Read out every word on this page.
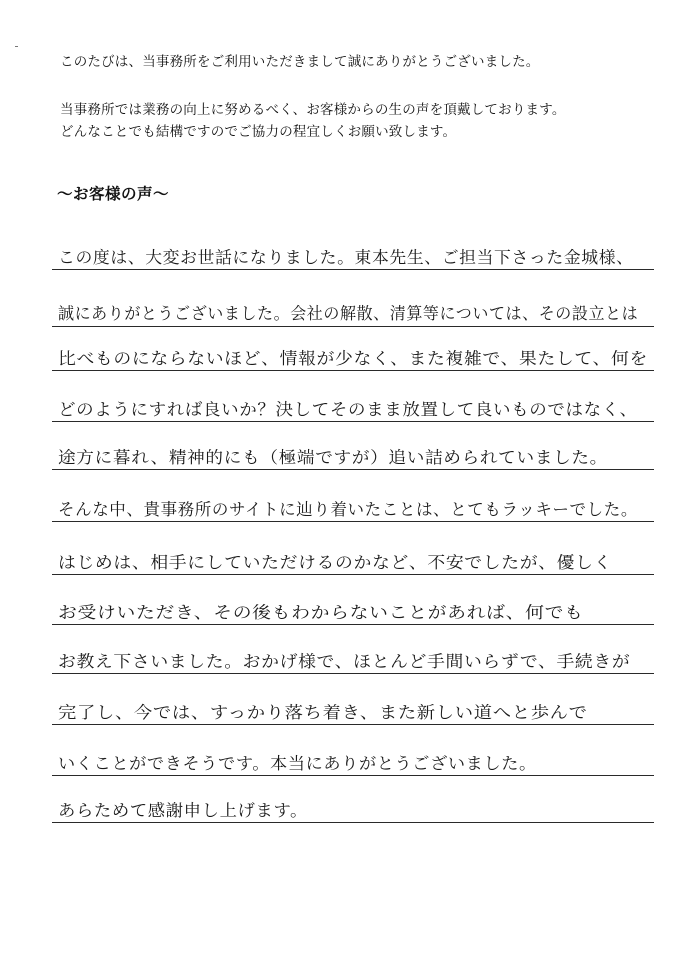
このたびは、当事務所をご利用いただきまして誠にありがとうございました。
当事務所では業務の向上に努めるべく、お客様からの生の声を頂戴しております。
どんなことでも結構ですのでご協力の程宜しくお願い致します。
～お客様の声～
この度は、大変お世話になりました。東本先生、ご担当下さった金城様、
誠にありがとうございました。会社の解散、清算等については、その設立とは
比べものにならないほど、情報が少なく、また複雑で、果たして、何を
どのようにすれば良いか？決してそのまま放置して良いものではなく、
途方に暮れ、精神的にも（極端ですが）追い詰められていました。
そんな中、貴事務所のサイトに辿り着いたことは、とてもラッキーでした。
はじめは、相手にしていただけるのかなど、不安でしたが、優しく
お受けいただき、その後もわからないことがあれば、何でも
お教え下さいました。おかげ様で、ほとんど手間いらずで、手続きが
完了し、今では、すっかり落ち着き、また新しい道へと歩んで
いくことができそうです。本当にありがとうございました。
あらためて感謝申し上げます。
